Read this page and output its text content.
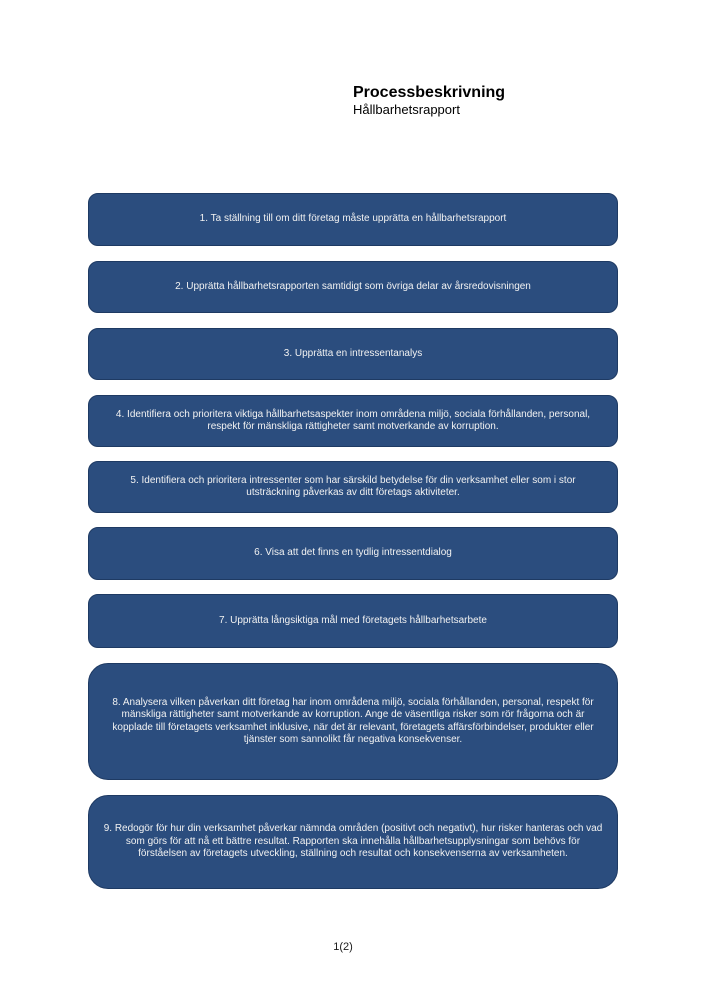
Processbeskrivning
Hållbarhetsrapport
1. Ta ställning till om ditt företag måste upprätta en hållbarhetsrapport
2. Upprätta hållbarhetsrapporten samtidigt som övriga delar av årsredovisningen
3. Upprätta en intressentanalys
4. Identifiera och prioritera viktiga hållbarhetsaspekter inom områdena miljö, sociala förhållanden, personal, respekt för mänskliga rättigheter samt motverkande av korruption.
5. Identifiera och prioritera intressenter som har särskild betydelse för din verksamhet eller som i stor utsträckning påverkas av ditt företags aktiviteter.
6. Visa att det finns en tydlig intressentdialog
7. Upprätta långsiktiga mål med företagets hållbarhetsarbete
8. Analysera vilken påverkan ditt företag har inom områdena miljö, sociala förhållanden, personal, respekt för mänskliga rättigheter samt motverkande av korruption. Ange de väsentliga risker som rör frågorna och är kopplade till företagets verksamhet inklusive, när det är relevant, företagets affärsförbindelser, produkter eller tjänster som sannolikt får negativa konsekvenser.
9. Redogör för hur din verksamhet påverkar nämnda områden (positivt och negativt), hur risker hanteras och vad som görs för att nå ett bättre resultat. Rapporten ska innehålla hållbarhetsupplysningar som behövs för förståelsen av företagets utveckling, ställning och resultat och konsekvenserna av verksamheten.
1(2)
